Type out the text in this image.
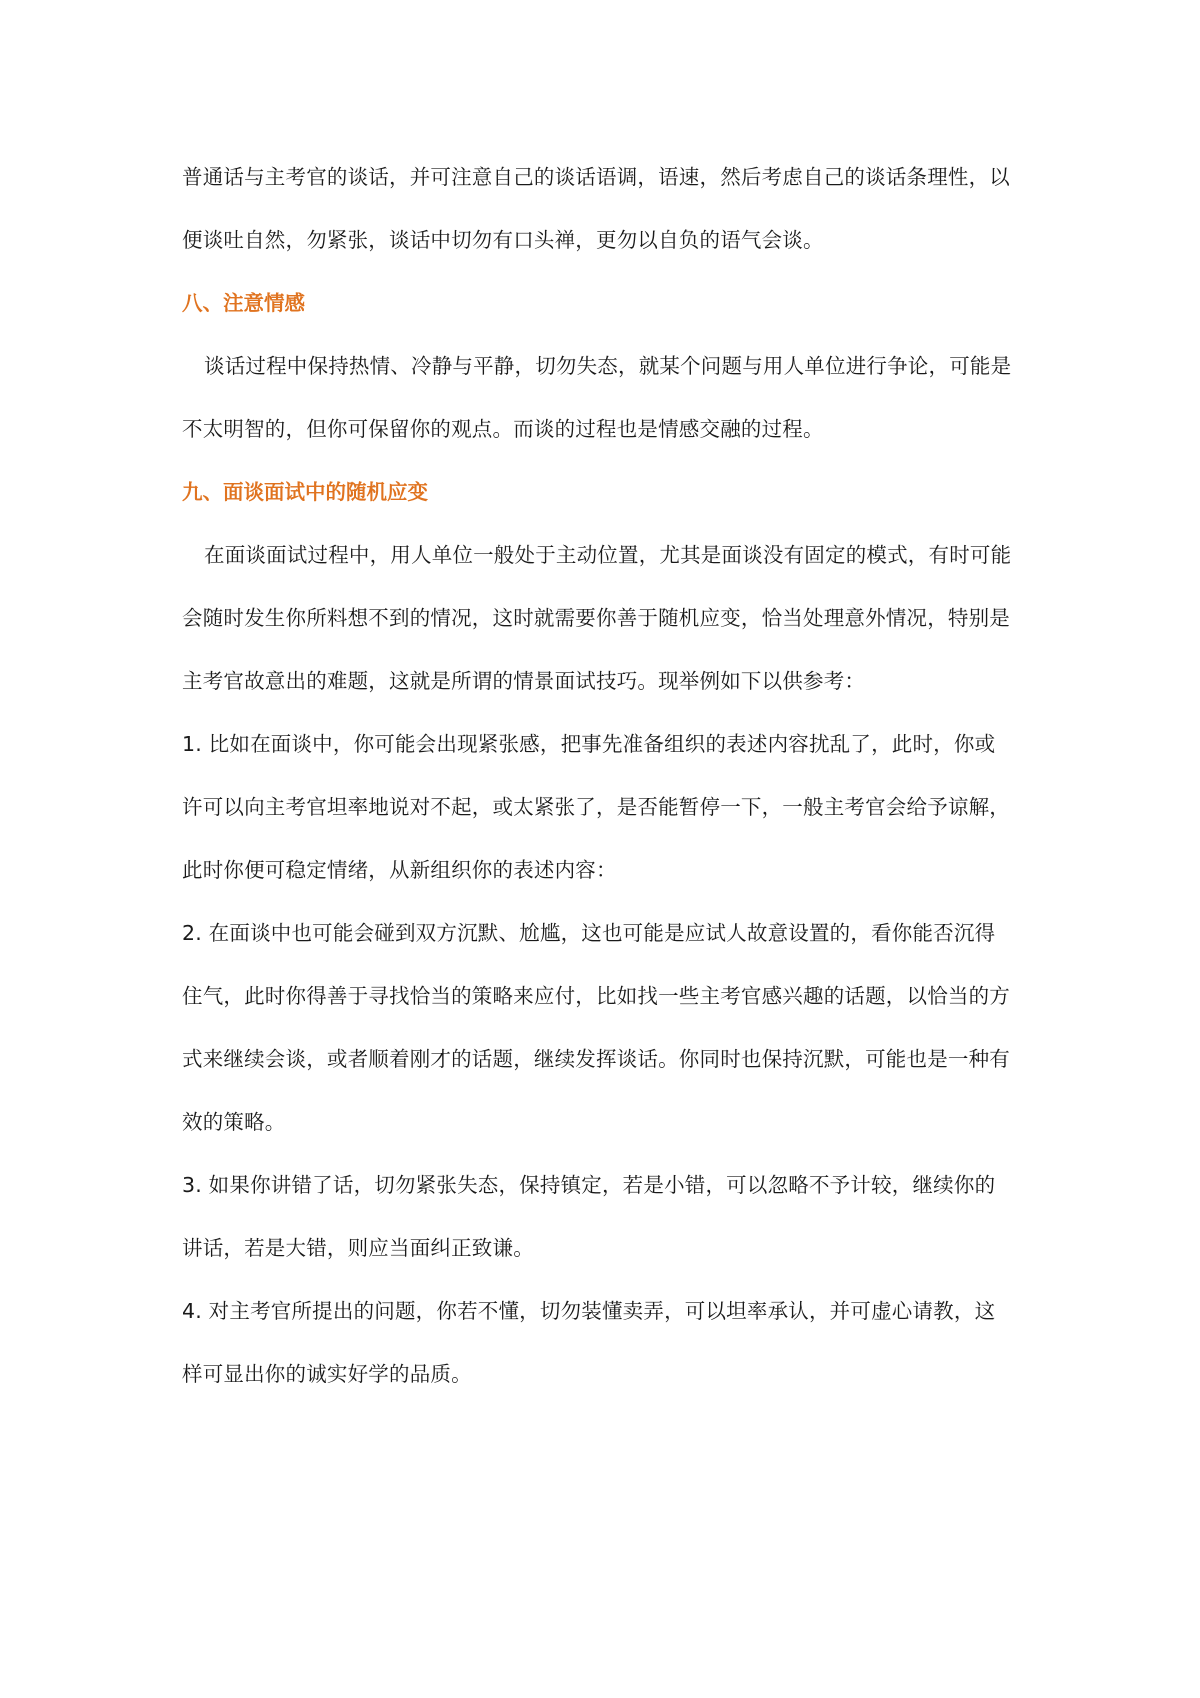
普通话与主考官的谈话，并可注意自己的谈话语调，语速，然后考虑自己的谈话条理性，以
便谈吐自然，勿紧张，谈话中切勿有口头禅，更勿以自负的语气会谈。
八、注意情感
谈话过程中保持热情、冷静与平静，切勿失态，就某个问题与用人单位进行争论，可能是
不太明智的，但你可保留你的观点。而谈的过程也是情感交融的过程。
九、面谈面试中的随机应变
在面谈面试过程中，用人单位一般处于主动位置，尤其是面谈没有固定的模式，有时可能
会随时发生你所料想不到的情况，这时就需要你善于随机应变，恰当处理意外情况，特别是
主考官故意出的难题，这就是所谓的情景面试技巧。现举例如下以供参考：
1. 比如在面谈中，你可能会出现紧张感，把事先准备组织的表述内容扰乱了，此时，你或
许可以向主考官坦率地说对不起，或太紧张了，是否能暂停一下，一般主考官会给予谅解，
此时你便可稳定情绪，从新组织你的表述内容：
2. 在面谈中也可能会碰到双方沉默、尬尴，这也可能是应试人故意设置的，看你能否沉得
住气，此时你得善于寻找恰当的策略来应付，比如找一些主考官感兴趣的话题，以恰当的方
式来继续会谈，或者顺着刚才的话题，继续发挥谈话。你同时也保持沉默，可能也是一种有
效的策略。
3. 如果你讲错了话，切勿紧张失态，保持镇定，若是小错，可以忽略不予计较，继续你的
讲话，若是大错，则应当面纠正致谦。
4. 对主考官所提出的问题，你若不懂，切勿装懂卖弄，可以坦率承认，并可虚心请教，这
样可显出你的诚实好学的品质。
